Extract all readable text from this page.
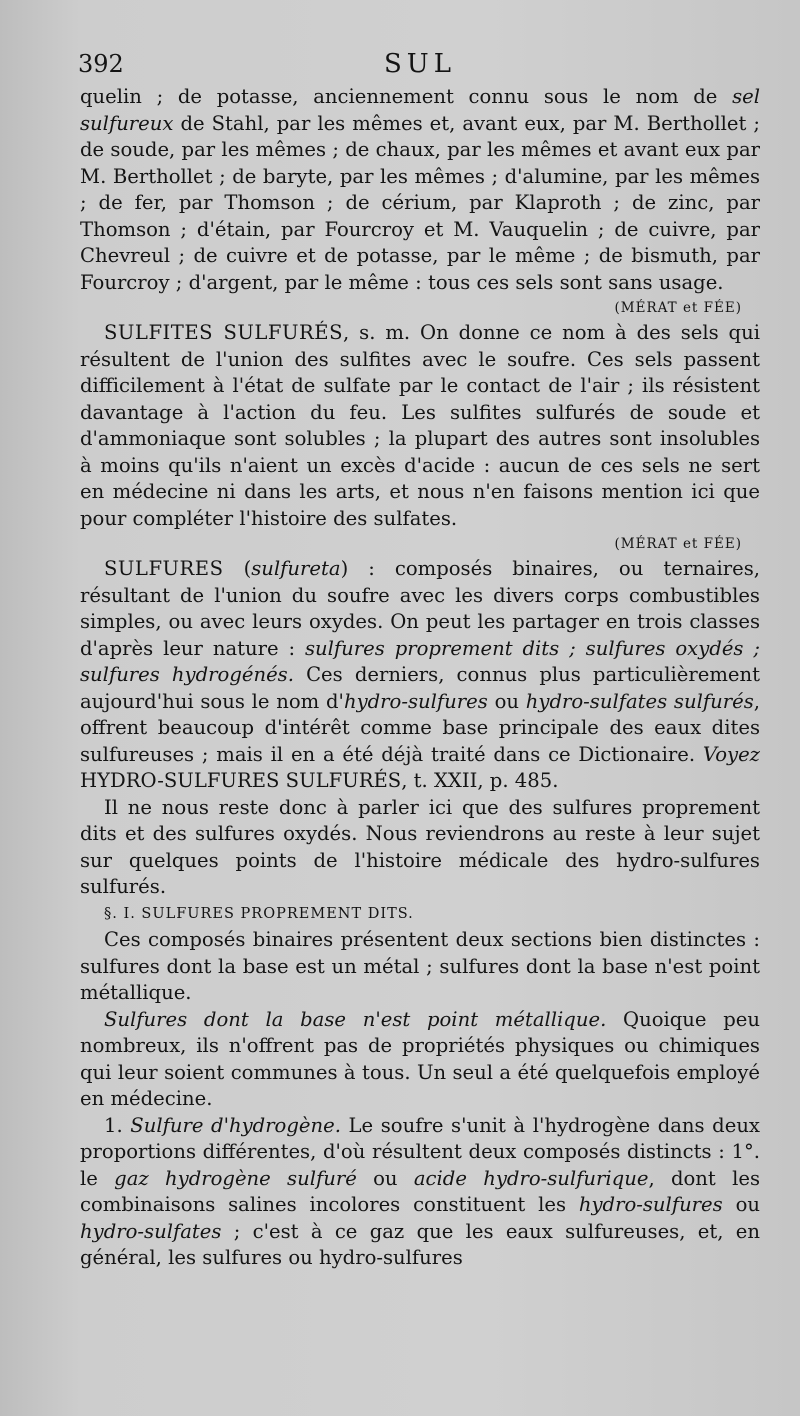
392	SUL

quelin ; de potasse, anciennement connu sous le nom de sel sulfureux de Stahl, par les mêmes et, avant eux, par M. Berthollet ; de soude, par les mêmes ; de chaux, par les mêmes et avant eux par M. Berthollet ; de baryte, par les mêmes ; d'alumine, par les mêmes ; de fer, par Thomson ; de cérium, par Klaproth ; de zinc, par Thomson ; d'étain, par Fourcroy et M. Vauquelin ; de cuivre, par Chevreul ; de cuivre et de potasse, par le même ; de bismuth, par Fourcroy ; d'argent, par le même : tous ces sels sont sans usage.

(MÉRAT et FÉE)

SULFITES SULFURÉS, s. m. On donne ce nom à des sels qui résultent de l'union des sulfites avec le soufre. Ces sels passent difficilement à l'état de sulfate par le contact de l'air ; ils résistent davantage à l'action du feu. Les sulfites sulfurés de soude et d'ammoniaque sont solubles ; la plupart des autres sont insolubles à moins qu'ils n'aient un excès d'acide : aucun de ces sels ne sert en médecine ni dans les arts, et nous n'en faisons mention ici que pour compléter l'histoire des sulfates.

(MÉRAT et FÉE)

SULFURES (sulfureta) : composés binaires, ou ternaires, résultant de l'union du soufre avec les divers corps combustibles simples, ou avec leurs oxydes. On peut les partager en trois classes d'après leur nature : sulfures proprement dits ; sulfures oxydés ; sulfures hydrogénés. Ces derniers, connus plus particulièrement aujourd'hui sous le nom d'hydro-sulfures ou hydro-sulfates sulfurés, offrent beaucoup d'intérêt comme base principale des eaux dites sulfureuses ; mais il en a été déjà traité dans ce Dictionaire. Voyez HYDRO-SULFURES SULFURÉS, t. XXII, p. 485.

Il ne nous reste donc à parler ici que des sulfures proprement dits et des sulfures oxydés. Nous reviendrons au reste à leur sujet sur quelques points de l'histoire médicale des hydro-sulfures sulfurés.

§. I. SULFURES PROPREMENT DITS.

Ces composés binaires présentent deux sections bien distinctes : sulfures dont la base est un métal ; sulfures dont la base n'est point métallique.

Sulfures dont la base n'est point métallique. Quoique peu nombreux, ils n'offrent pas de propriétés physiques ou chimiques qui leur soient communes à tous. Un seul a été quelquefois employé en médecine.

1. Sulfure d'hydrogène. Le soufre s'unit à l'hydrogène dans deux proportions différentes, d'où résultent deux composés distincts : 1°. le gaz hydrogène sulfuré ou acide hydro-sulfurique, dont les combinaisons salines incolores constituent les hydro-sulfures ou hydro-sulfates ; c'est à ce gaz que les eaux sulfureuses, et, en général, les sulfures ou hydro-sulfures
